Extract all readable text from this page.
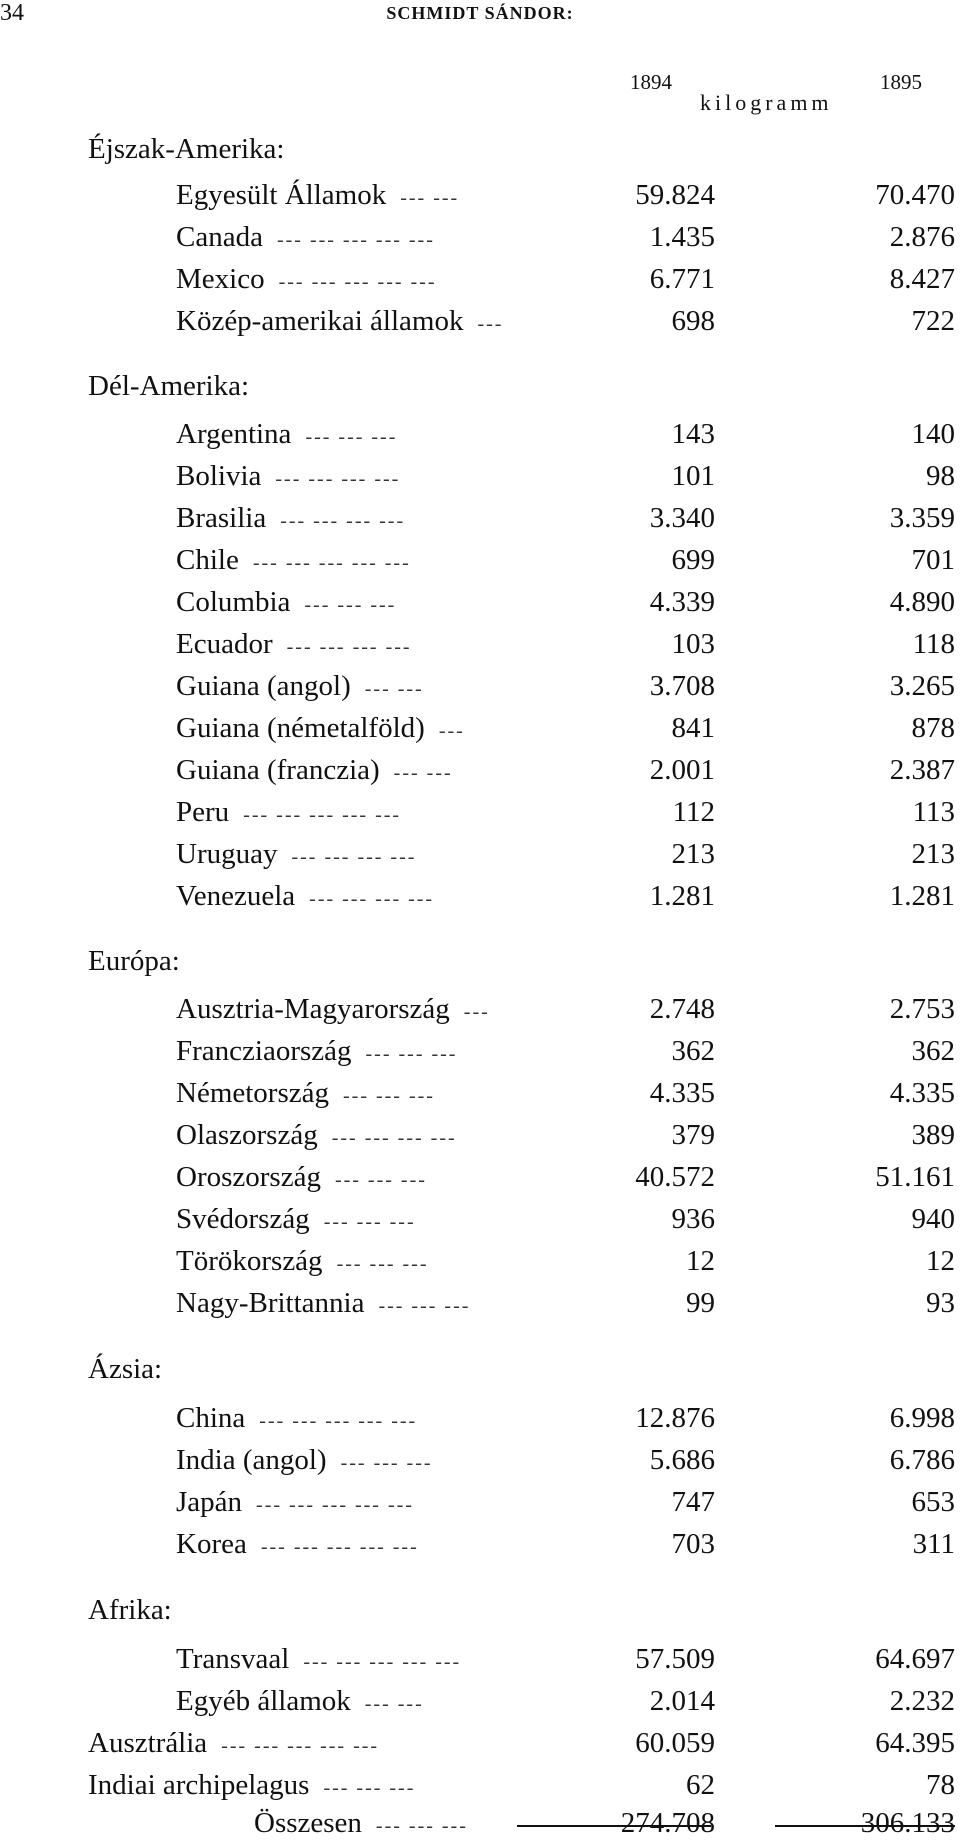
34	SCHMIDT SÁNDOR:
1894	1895
kilogramm
Éjszak-Amerika:
Egyesült Államok --- ---	59.824	70.470
Canada --- --- --- --- ---	1.435	2.876
Mexico --- --- --- --- ---	6.771	8.427
Közép-amerikai államok ---	698	722
Dél-Amerika:
Argentina --- --- ---	143	140
Bolivia --- --- --- ---	101	98
Brasilia --- --- --- ---	3.340	3.359
Chile --- --- --- --- ---	699	701
Columbia --- --- ---	4.339	4.890
Ecuador --- --- --- ---	103	118
Guiana (angol) --- ---	3.708	3.265
Guiana (németalföld) ---	841	878
Guiana (franczia) --- ---	2.001	2.387
Peru --- --- --- --- ---	112	113
Uruguay --- --- --- ---	213	213
Venezuela --- --- --- ---	1.281	1.281
Európa:
Ausztria-Magyarország ---	2.748	2.753
Francziaország --- --- ---	362	362
Németország --- --- ---	4.335	4.335
Olaszország --- --- --- ---	379	389
Oroszország --- --- ---	40.572	51.161
Svédország --- --- ---	936	940
Törökország --- --- ---	12	12
Nagy-Brittannia --- --- ---	99	93
Ázsia:
China --- --- --- --- ---	12.876	6.998
India (angol) --- --- ---	5.686	6.786
Japán --- --- --- --- ---	747	653
Korea --- --- --- --- ---	703	311
Afrika:
Transvaal --- --- --- --- ---	57.509	64.697
Egyéb államok --- ---	2.014	2.232
Ausztrália --- --- --- --- ---	60.059	64.395
Indiai archipelagus --- --- ---	62	78
Összesen --- --- ---	274.708	306.133
